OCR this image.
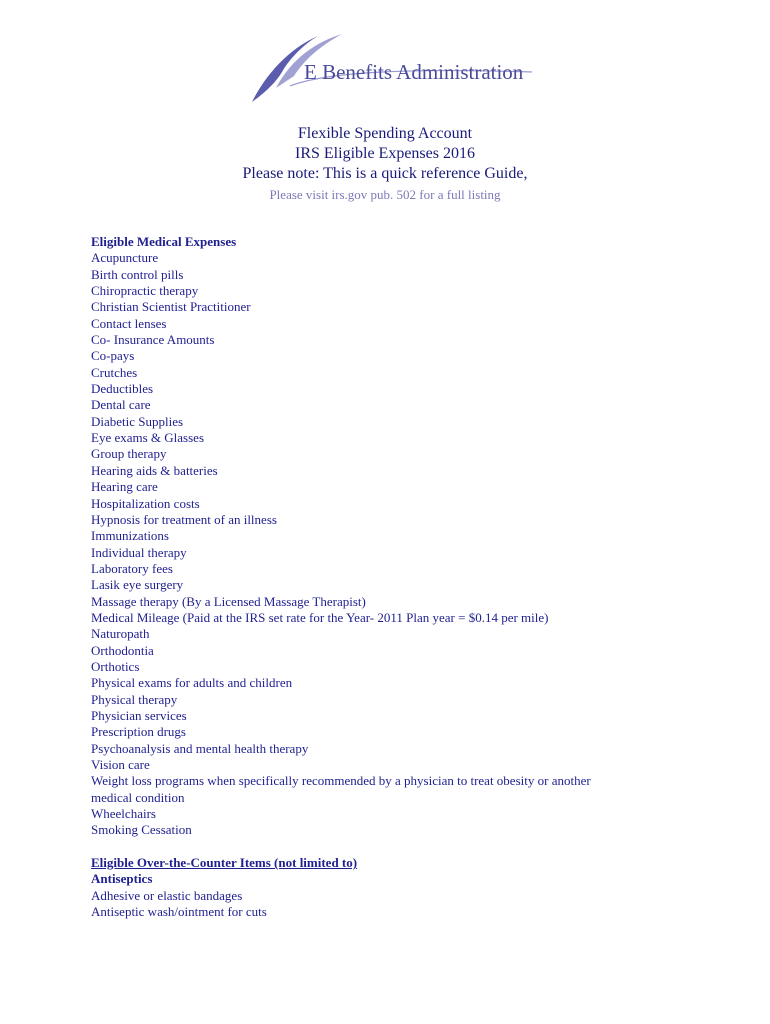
E Benefits Administration
Flexible Spending Account
IRS Eligible Expenses 2016
Please note: This is a quick reference Guide,
Please visit irs.gov pub. 502 for a full listing
Eligible Medical Expenses
Acupuncture
Birth control pills
Chiropractic therapy
Christian Scientist Practitioner
Contact lenses
Co- Insurance Amounts
Co-pays
Crutches
Deductibles
Dental care
Diabetic Supplies
Eye exams & Glasses
Group therapy
Hearing aids & batteries
Hearing care
Hospitalization costs
Hypnosis for treatment of an illness
Immunizations
Individual therapy
Laboratory fees
Lasik eye surgery
Massage therapy (By a Licensed Massage Therapist)
Medical Mileage (Paid at the IRS set rate for the Year- 2011 Plan year = $0.14 per mile)
Naturopath
Orthodontia
Orthotics
Physical exams for adults and children
Physical therapy
Physician services
Prescription drugs
Psychoanalysis and mental health therapy
Vision care
Weight loss programs when specifically recommended by a physician to treat obesity or another
medical condition
Wheelchairs
Smoking Cessation
Eligible Over-the-Counter Items (not limited to)
Antiseptics
Adhesive or elastic bandages
Antiseptic wash/ointment for cuts
